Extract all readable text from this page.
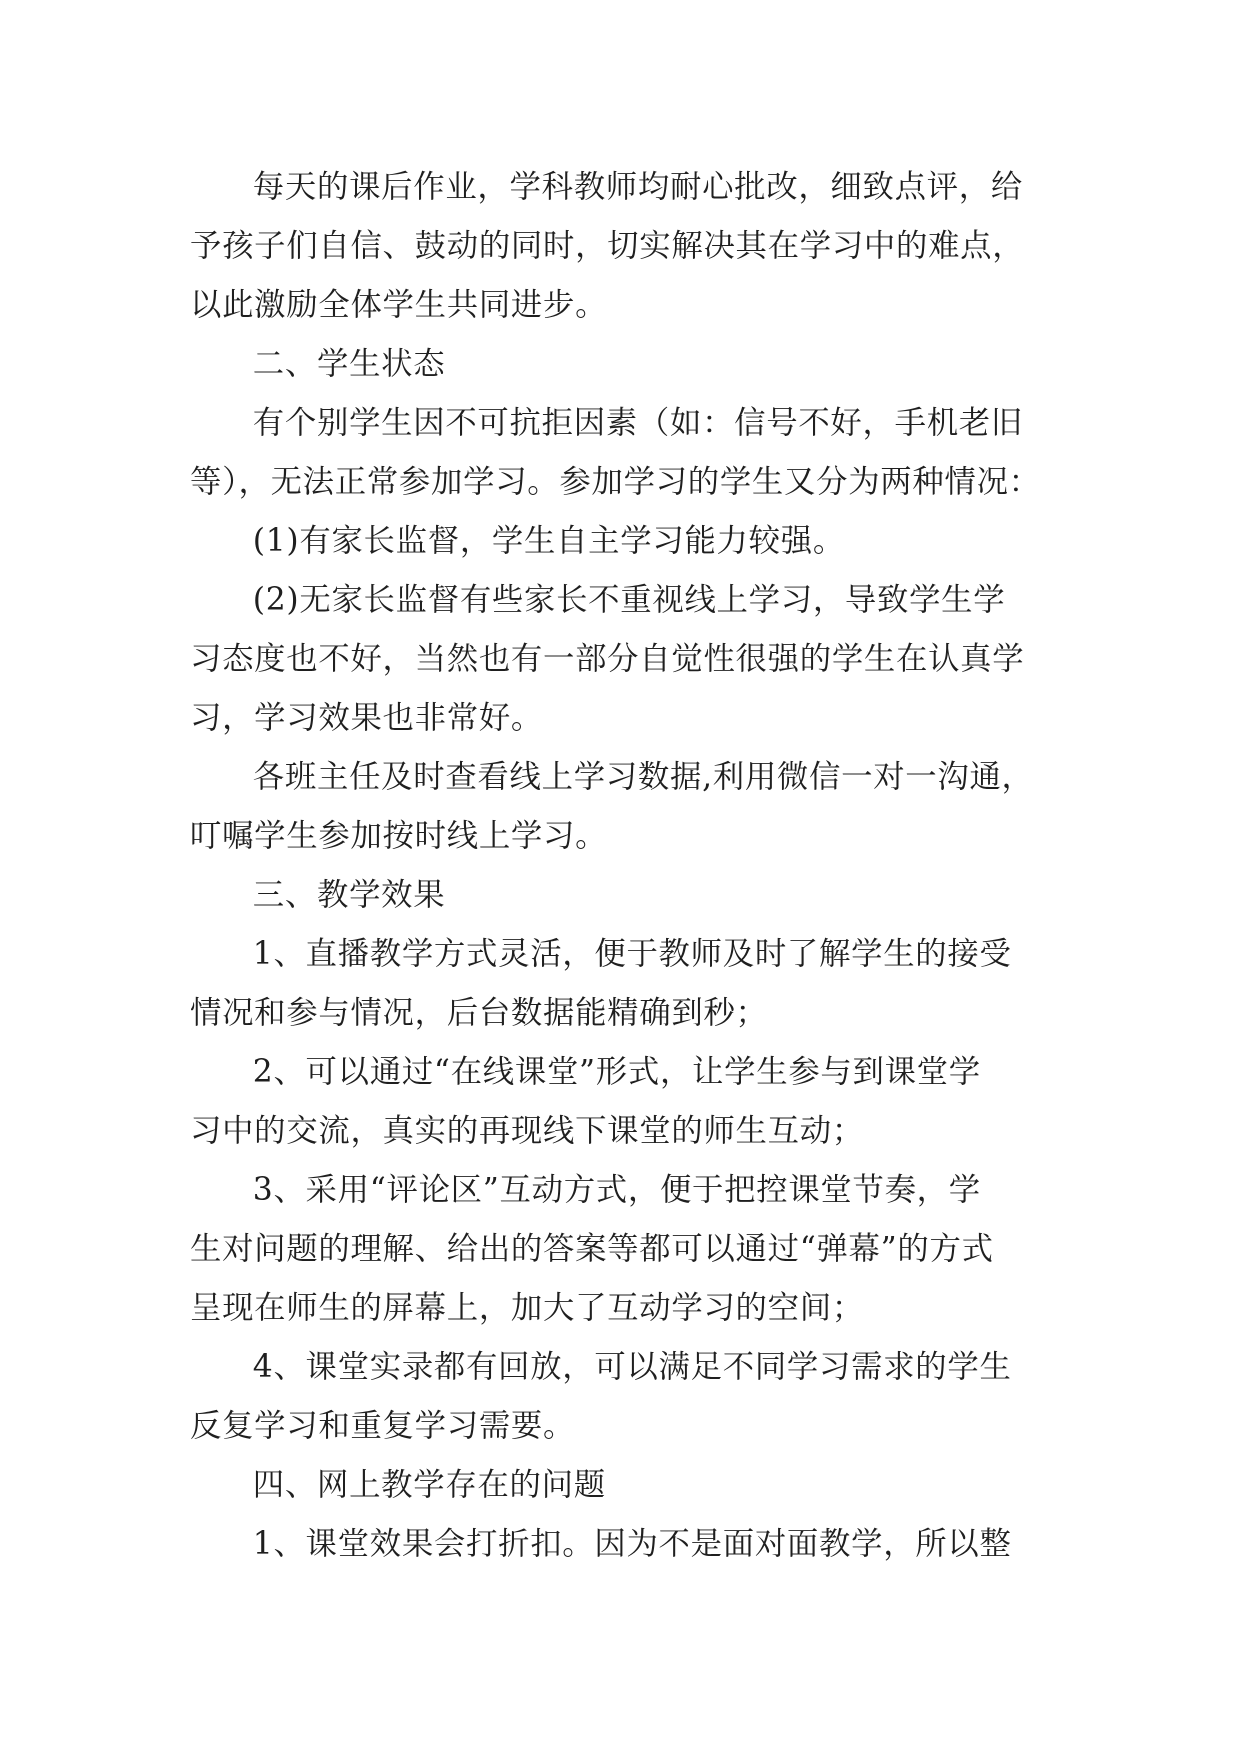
每天的课后作业，学科教师均耐心批改，细致点评，给
予孩子们自信、鼓动的同时，切实解决其在学习中的难点，
以此激励全体学生共同进步。

二、学生状态

有个别学生因不可抗拒因素（如：信号不好，手机老旧
等），无法正常参加学习。参加学习的学生又分为两种情况：

(1)有家长监督，学生自主学习能力较强。

(2)无家长监督有些家长不重视线上学习，导致学生学
习态度也不好，当然也有一部分自觉性很强的学生在认真学
习，学习效果也非常好。

各班主任及时查看线上学习数据,利用微信一对一沟通，
叮嘱学生参加按时线上学习。

三、教学效果

1、直播教学方式灵活，便于教师及时了解学生的接受
情况和参与情况，后台数据能精确到秒；

2、可以通过“在线课堂”形式，让学生参与到课堂学
习中的交流，真实的再现线下课堂的师生互动；

3、采用“评论区”互动方式，便于把控课堂节奏，学
生对问题的理解、给出的答案等都可以通过“弹幕”的方式
呈现在师生的屏幕上，加大了互动学习的空间；

4、课堂实录都有回放，可以满足不同学习需求的学生
反复学习和重复学习需要。

四、网上教学存在的问题

1、课堂效果会打折扣。因为不是面对面教学，所以整
